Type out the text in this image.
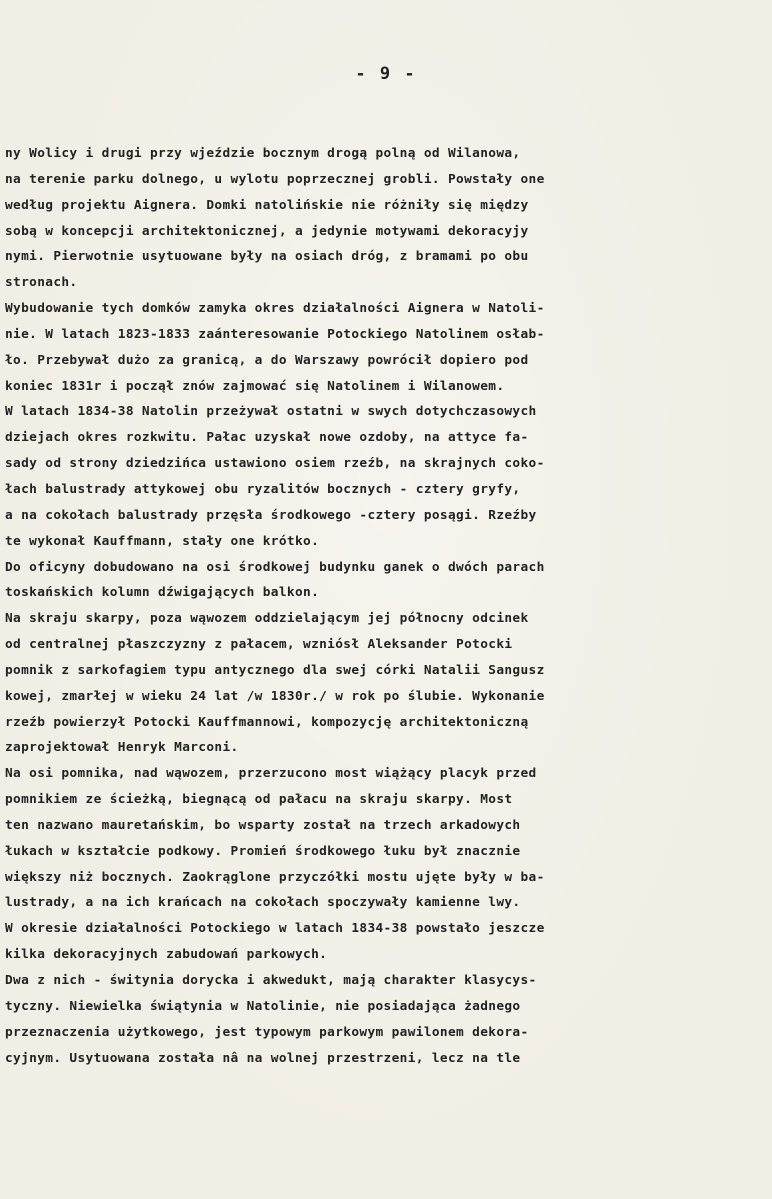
- 9 -
ny Wolicy i drugi przy wjeździe bocznym drogą polną od Wilanowa,
na terenie parku dolnego, u wylotu poprzecznej grobli. Powstały one
według projektu Aignera. Domki natolińskie nie różniły się między
sobą w koncepcji architektonicznej, a jedynie motywami dekoracyjy
nymi. Pierwotnie usytuowane były na osiach dróg, z bramami po obu
stronach.
Wybudowanie tych domków zamyka okres działalności Aignera w Natoli-
nie. W latach 1823-1833 zaánteresowanie Potockiego Natolinem osłab-
ło. Przebywał dużo za granicą, a do Warszawy powrócił dopiero pod
koniec 1831r i począł znów zajmować się Natolinem i Wilanowem.
W latach 1834-38 Natolin przeżywał ostatni w swych dotychczasowych
dziejach okres rozkwitu. Pałac uzyskał nowe ozdoby, na attyce fa-
sady od strony dziedzińca ustawiono osiem rzeźb, na skrajnych coko-
łach balustrady attykowej obu ryzalitów bocznych - cztery gryfy,
a na cokołach balustrady przęsła środkowego -cztery posągi. Rzeźby
te wykonał Kauffmann, stały one krótko.
Do oficyny dobudowano na osi środkowej budynku ganek o dwóch parach
toskańskich kolumn dźwigających balkon.
Na skraju skarpy, poza wąwozem oddzielającym jej północny odcinek
od centralnej płaszczyzny z pałacem, wzniósł Aleksander Potocki
pomnik z sarkofagiem typu antycznego dla swej córki Natalii Sangusz
kowej, zmarłej w wieku 24 lat /w 1830r./ w rok po ślubie. Wykonanie
rzeźb powierzył Potocki Kauffmannowi, kompozycję architektoniczną
zaprojektował Henryk Marconi.
Na osi pomnika, nad wąwozem, przerzucono most wiążący placyk przed
pomnikiem ze ścieżką, biegnącą od pałacu na skraju skarpy. Most
ten nazwano mauretańskim, bo wsparty został na trzech arkadowych
łukach w kształcie podkowy. Promień środkowego łuku był znacznie
większy niż bocznych. Zaokrąglone przyczółki mostu ujęte były w ba-
lustrady, a na ich krańcach na cokołach spoczywały kamienne lwy.
W okresie działalności Potockiego w latach 1834-38 powstało jeszcze
kilka dekoracyjnych zabudowań parkowych.
Dwa z nich - świtynia dorycka i akwedukt, mają charakter klasycys-
tyczny. Niewielka świątynia w Natolinie, nie posiadająca żadnego
przeznaczenia użytkowego, jest typowym parkowym pawilonem dekora-
cyjnym. Usytuowana została nâ na wolnej przestrzeni, lecz na tle
